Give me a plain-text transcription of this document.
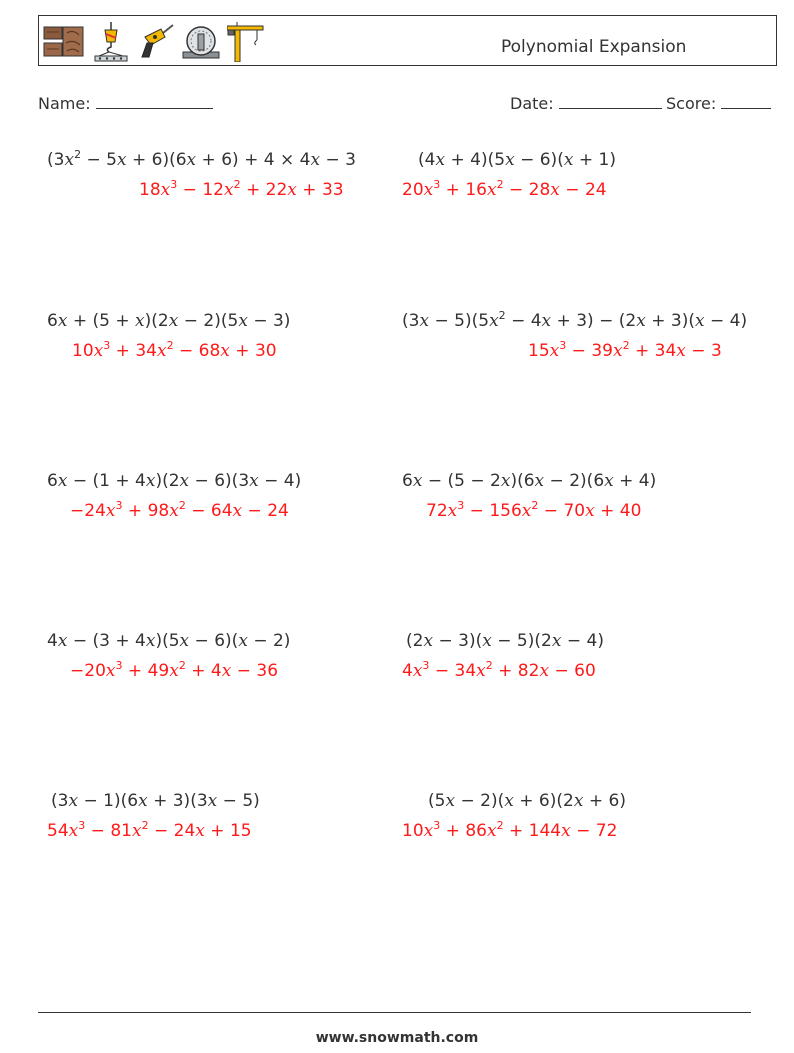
Polynomial Expansion
Name:	Date:	Score:
$(3x^2 - 5x + 6)(6x + 6) + 4 \times 4x - 3$
$18x^3 - 12x^2 + 22x + 33$
(4x + 4)(5x − 6)(x + 1)
$20x^3 + 16x^2 - 28x - 24$
6x + (5 + x)(2x − 2)(5x − 3)
$10x^3 + 34x^2 - 68x + 30$
$(3x - 5)(5x^2 - 4x + 3) - (2x + 3)(x - 4)$
$15x^3 - 39x^2 + 34x - 3$
6x − (1 + 4x)(2x − 6)(3x − 4)
$-24x^3 + 98x^2 - 64x - 24$
6x − (5 − 2x)(6x − 2)(6x + 4)
$72x^3 - 156x^2 - 70x + 40$
4x − (3 + 4x)(5x − 6)(x − 2)
$-20x^3 + 49x^2 + 4x - 36$
(2x − 3)(x − 5)(2x − 4)
$4x^3 - 34x^2 + 82x - 60$
(3x − 1)(6x + 3)(3x − 5)
$54x^3 - 81x^2 - 24x + 15$
(5x − 2)(x + 6)(2x + 6)
$10x^3 + 86x^2 + 144x - 72$
www.snowmath.com
